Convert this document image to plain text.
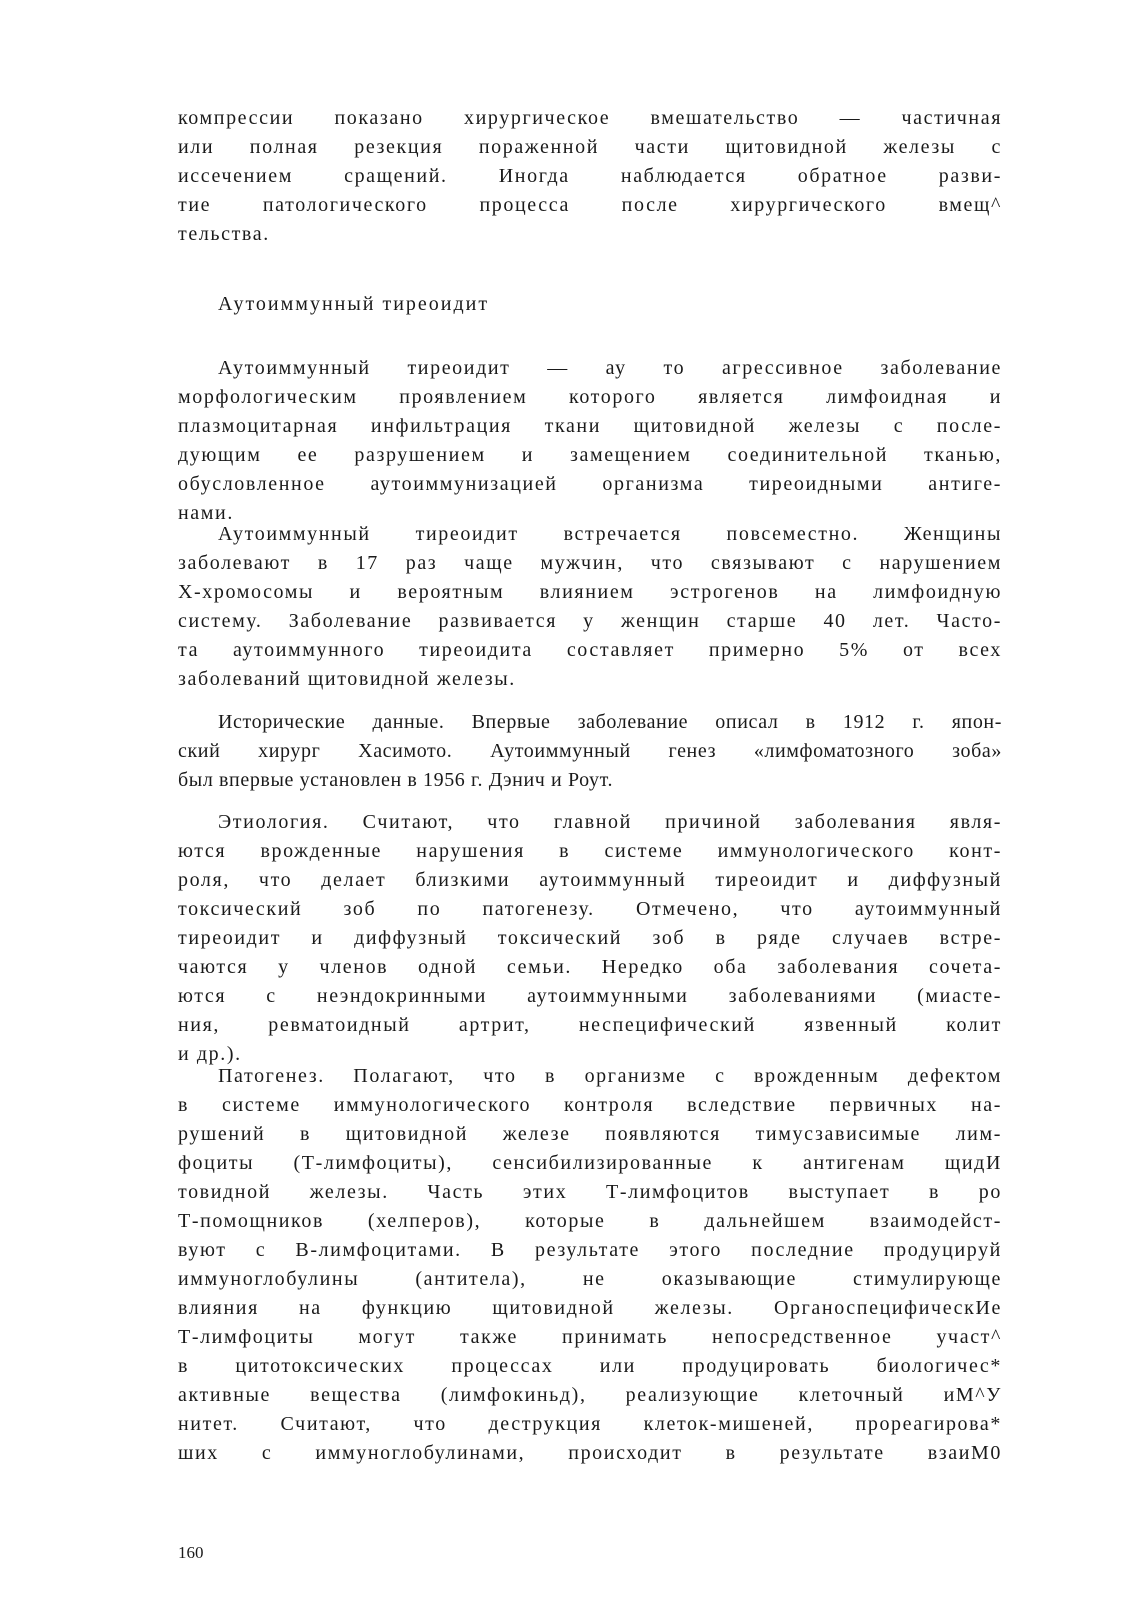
компрессии показано хирургическое вмешательство — частичная
или полная резекция пораженной части щитовидной железы с
иссечением сращений. Иногда наблюдается обратное разви-
тие патологического процесса после хирургического вмещ^
тельства.
Аутоиммунный тиреоидит
Аутоиммунный тиреоидит — ау то агрессивное заболевание
морфологическим проявлением которого является лимфоидная и
плазмоцитарная инфильтрация ткани щитовидной железы с после-
дующим ее разрушением и замещением соединительной тканью,
обусловленное аутоиммунизацией организма тиреоидными антиге-
нами.
Аутоиммунный тиреоидит встречается повсеместно. Женщины
заболевают в 17 раз чаще мужчин, что связывают с нарушением
Х-хромосомы и вероятным влиянием эстрогенов на лимфоидную
систему. Заболевание развивается у женщин старше 40 лет. Часто-
та аутоиммунного тиреоидита составляет примерно 5% от всех
заболеваний щитовидной железы.
Исторические данные. Впервые заболевание описал в 1912 г. япон-
ский хирург Хасимото. Аутоиммунный генез «лимфоматозного зоба»
был впервые установлен в 1956 г. Дэнич и Роут.
Этиология. Считают, что главной причиной заболевания явля-
ются врожденные нарушения в системе иммунологического конт-
роля, что делает близкими аутоиммунный тиреоидит и диффузный
токсический зоб по патогенезу. Отмечено, что аутоиммунный
тиреоидит и диффузный токсический зоб в ряде случаев встре-
чаются у членов одной семьи. Нередко оба заболевания сочета-
ются с неэндокринными аутоиммунными заболеваниями (миасте-
ния, ревматоидный артрит, неспецифический язвенный колит
и др.).
Патогенез. Полагают, что в организме с врожденным дефектом
в системе иммунологического контроля вследствие первичных на-
рушений в щитовидной железе появляются тимусзависимые лим-
фоциты (Т-лимфоциты), сенсибилизированные к антигенам щидИ
товидной железы. Часть этих Т-лимфоцитов выступает в ро
Т-помощников (хелперов), которые в дальнейшем взаимодейст-
вуют с В-лимфоцитами. В результате этого последние продуцируй
иммуноглобулины (антитела), не оказывающие стимулирующе
влияния на функцию щитовидной железы. ОрганоспецифическИе
Т-лимфоциты могут также принимать непосредственное участ^
в цитотоксических процессах или продуцировать биологичес*
активные вещества (лимфокиньд), реализующие клеточный иМ^У
нитет. Считают, что деструкция клеток-мишеней, прореагирова*
ших с иммуноглобулинами, происходит в результате взаиМ0
160
